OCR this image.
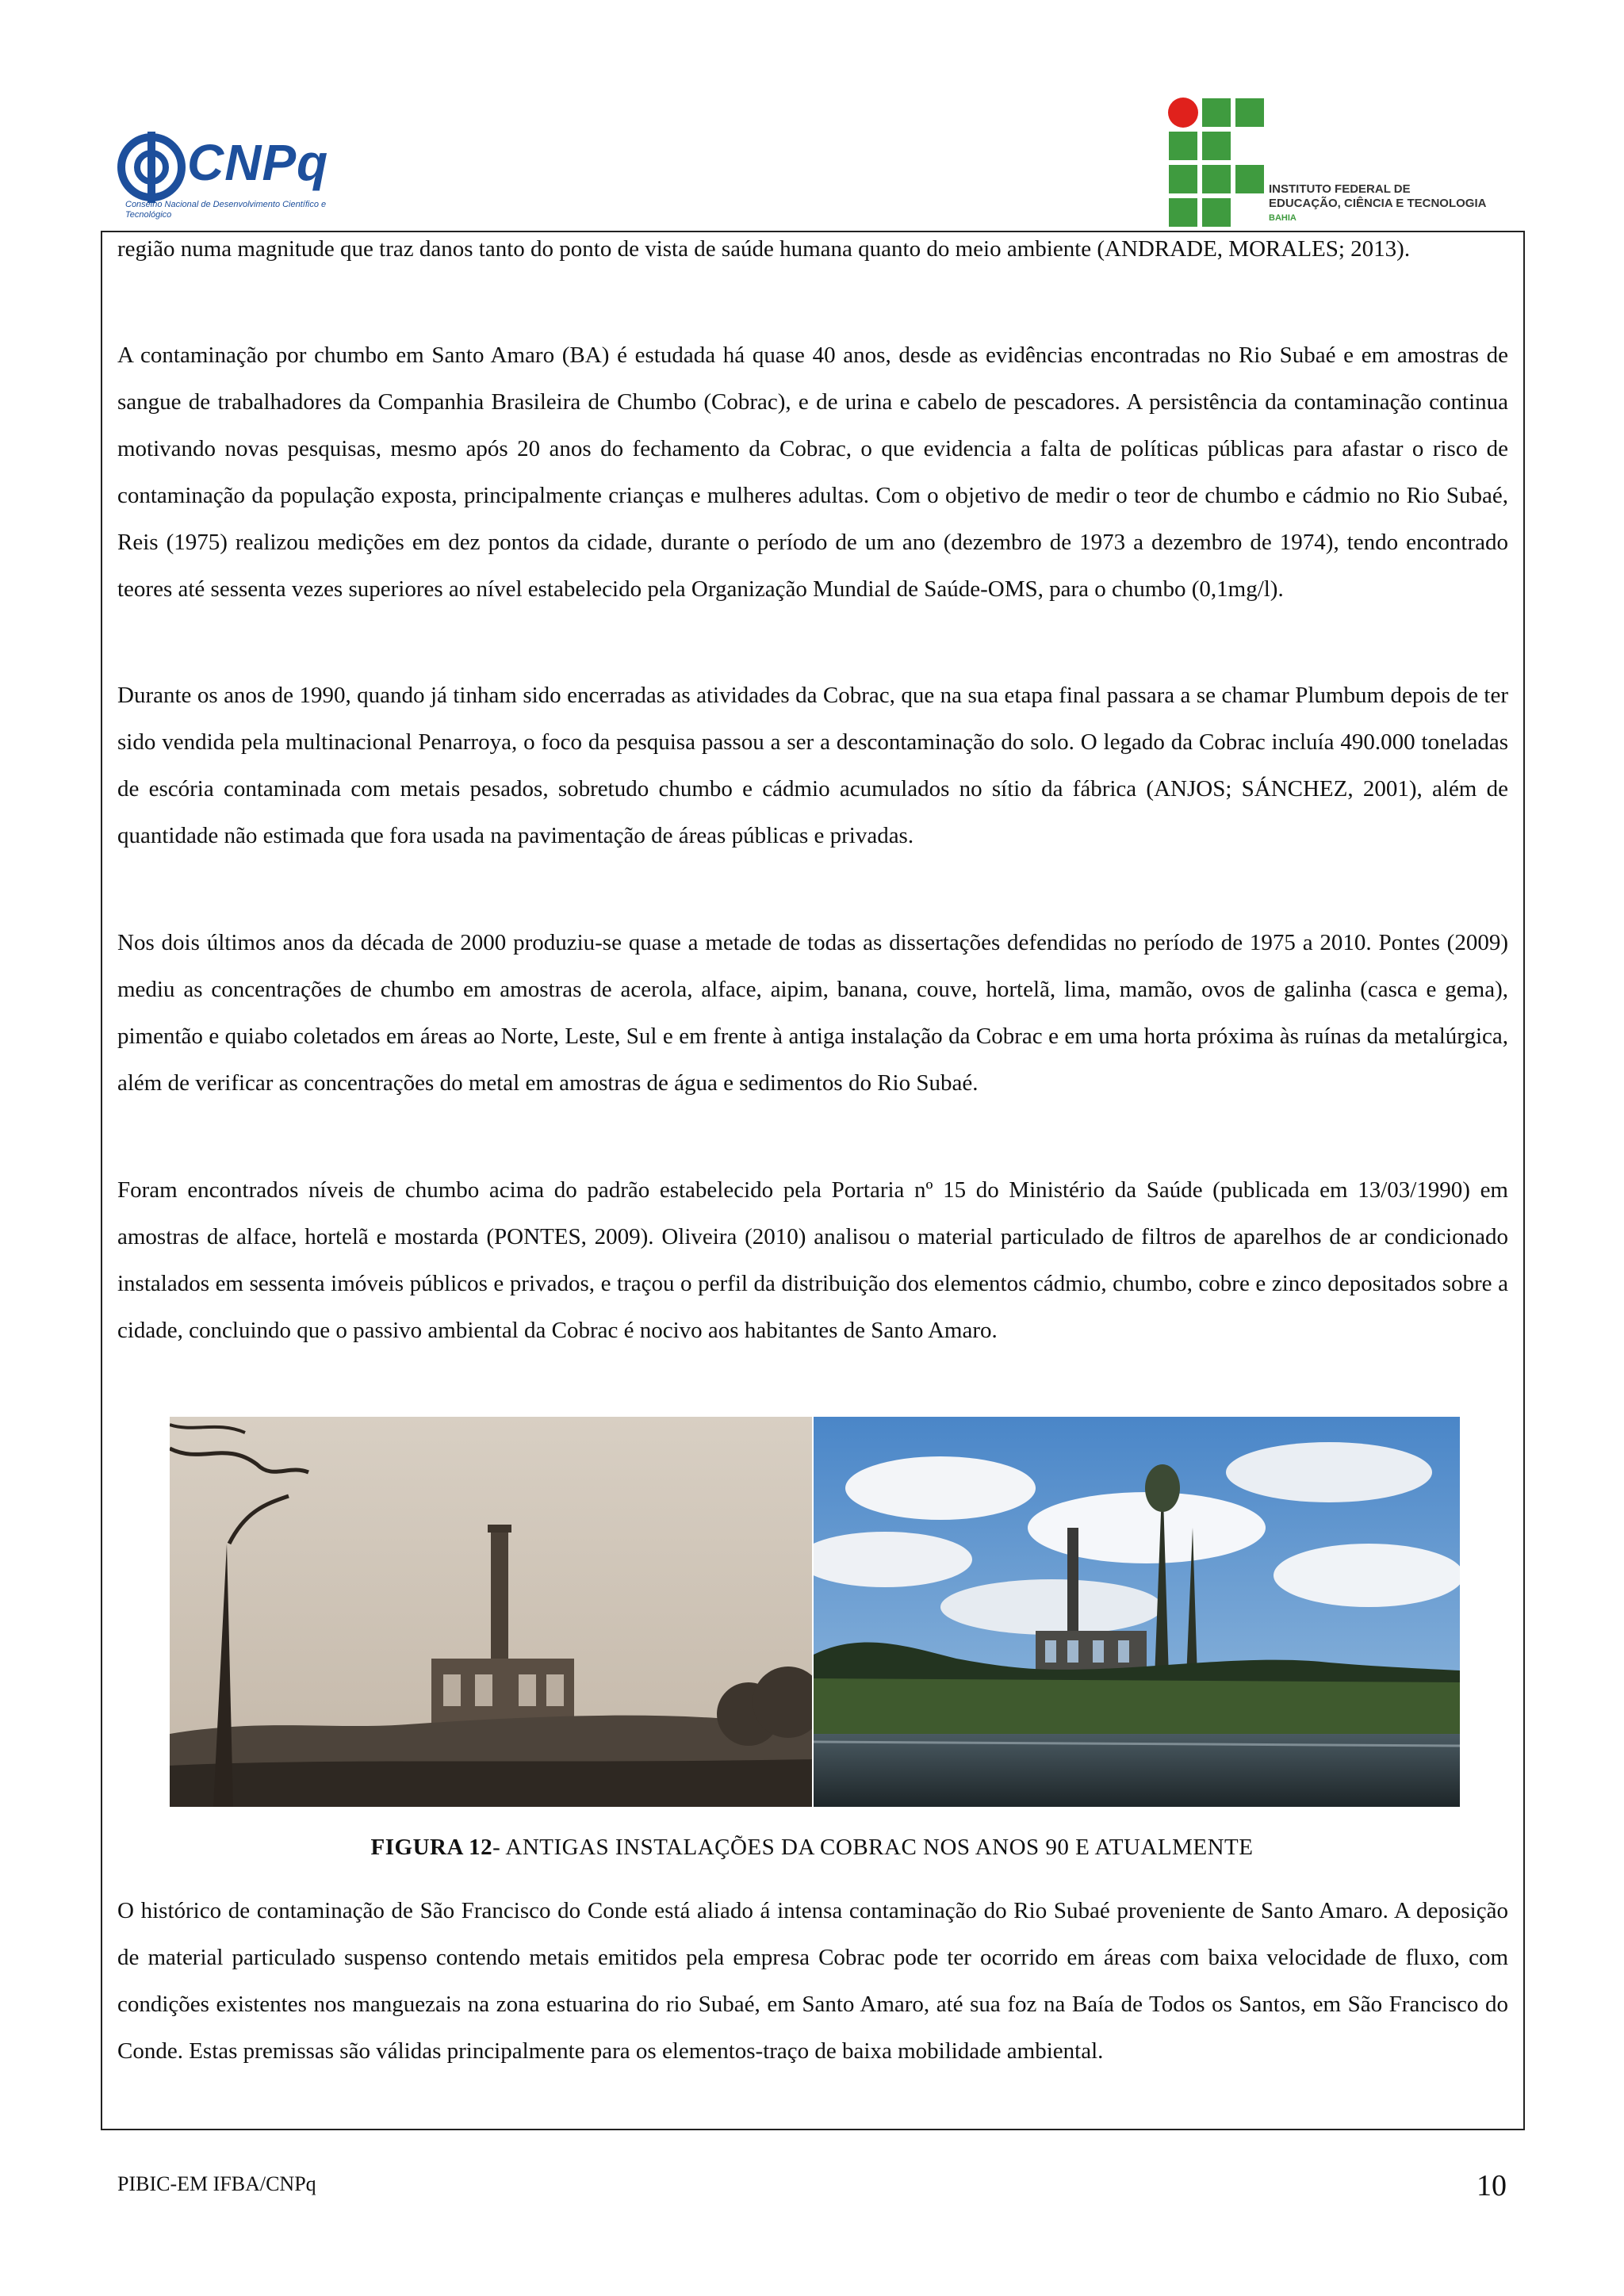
CNPq
Conselho Nacional de Desenvolvimento Científico e Tecnológico
INSTITUTO FEDERAL DE
EDUCAÇÃO, CIÊNCIA E TECNOLOGIA
BAHIA

região numa magnitude que traz danos tanto do ponto de vista de saúde humana quanto do meio ambiente (ANDRADE, MORALES; 2013).

A contaminação por chumbo em Santo Amaro (BA) é estudada há quase 40 anos, desde as evidências encontradas no Rio Subaé e em amostras de sangue de trabalhadores da Companhia Brasileira de Chumbo (Cobrac), e de urina e cabelo de pescadores. A persistência da contaminação continua motivando novas pesquisas, mesmo após 20 anos do fechamento da Cobrac, o que evidencia a falta de políticas públicas para afastar o risco de contaminação da população exposta, principalmente crianças e mulheres adultas. Com o objetivo de medir o teor de chumbo e cádmio no Rio Subaé, Reis (1975) realizou medições em dez pontos da cidade, durante o período de um ano (dezembro de 1973 a dezembro de 1974), tendo encontrado teores até sessenta vezes superiores ao nível estabelecido pela Organização Mundial de Saúde-OMS, para o chumbo (0,1mg/l).

Durante os anos de 1990, quando já tinham sido encerradas as atividades da Cobrac, que na sua etapa final passara a se chamar Plumbum depois de ter sido vendida pela multinacional Penarroya, o foco da pesquisa passou a ser a descontaminação do solo. O legado da Cobrac incluía 490.000 toneladas de escória contaminada com metais pesados, sobretudo chumbo e cádmio acumulados no sítio da fábrica (ANJOS; SÁNCHEZ, 2001), além de quantidade não estimada que fora usada na pavimentação de áreas públicas e privadas.

Nos dois últimos anos da década de 2000 produziu-se quase a metade de todas as dissertações defendidas no período de 1975 a 2010. Pontes (2009) mediu as concentrações de chumbo em amostras de acerola, alface, aipim, banana, couve, hortelã, lima, mamão, ovos de galinha (casca e gema), pimentão e quiabo coletados em áreas ao Norte, Leste, Sul e em frente à antiga instalação da Cobrac e em uma horta próxima às ruínas da metalúrgica, além de verificar as concentrações do metal em amostras de água e sedimentos do Rio Subaé.

Foram encontrados níveis de chumbo acima do padrão estabelecido pela Portaria nº 15 do Ministério da Saúde (publicada em 13/03/1990) em amostras de alface, hortelã e mostarda (PONTES, 2009). Oliveira (2010) analisou o material particulado de filtros de aparelhos de ar condicionado instalados em sessenta imóveis públicos e privados, e traçou o perfil da distribuição dos elementos cádmio, chumbo, cobre e zinco depositados sobre a cidade, concluindo que o passivo ambiental da Cobrac é nocivo aos habitantes de Santo Amaro.

FIGURA 12- ANTIGAS INSTALAÇÕES DA COBRAC NOS ANOS 90 E ATUALMENTE

O histórico de contaminação de São Francisco do Conde está aliado á intensa contaminação do Rio Subaé proveniente de Santo Amaro. A deposição de material particulado suspenso contendo metais emitidos pela empresa Cobrac pode ter ocorrido em áreas com baixa velocidade de fluxo, com condições existentes nos manguezais na zona estuarina do rio Subaé, em Santo Amaro, até sua foz na Baía de Todos os Santos, em São Francisco do Conde. Estas premissas são válidas principalmente para os elementos-traço de baixa mobilidade ambiental.

PIBIC-EM IFBA/CNPq	10
